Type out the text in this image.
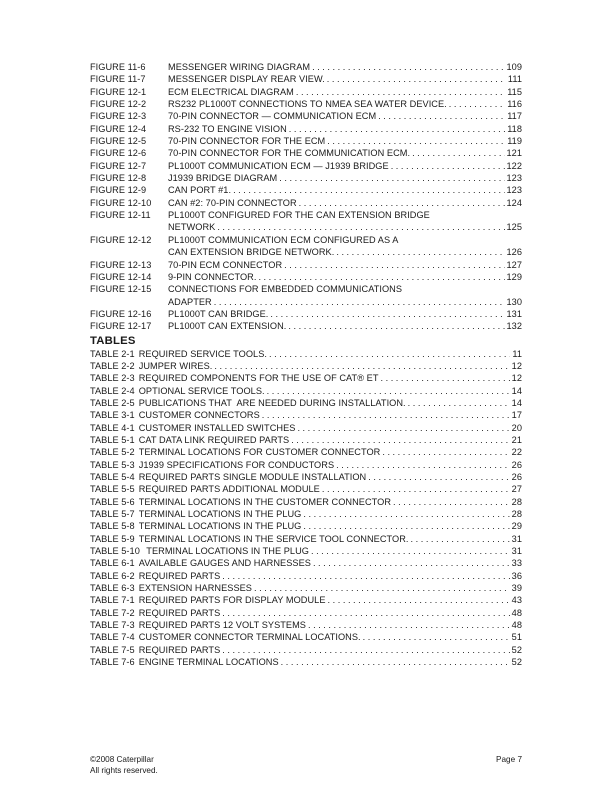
FIGURE 11-6	MESSENGER WIRING DIAGRAM . . .	109
FIGURE 11-7	MESSENGER DISPLAY REAR VIEW. . . .	111
FIGURE 12-1	ECM ELECTRICAL DIAGRAM . . .	115
FIGURE 12-2	RS232 PL1000T CONNECTIONS TO NMEA SEA WATER DEVICE. . . .	116
FIGURE 12-3	70-PIN CONNECTOR — COMMUNICATION ECM . . .	117
FIGURE 12-4	RS-232 TO ENGINE VISION . . .	118
FIGURE 12-5	70-PIN CONNECTOR FOR THE ECM . . .	119
FIGURE 12-6	70-PIN CONNECTOR FOR THE COMMUNICATION ECM. . . .	121
FIGURE 12-7	PL1000T COMMUNICATION ECM — J1939 BRIDGE . . .	122
FIGURE 12-8	J1939 BRIDGE DIAGRAM . . .	123
FIGURE 12-9	CAN PORT #1. . . .	123
FIGURE 12-10	CAN #2: 70-PIN CONNECTOR . . .	124
FIGURE 12-11	PL1000T CONFIGURED FOR THE CAN EXTENSION BRIDGE
NETWORK . . .	125
FIGURE 12-12	PL1000T COMMUNICATION ECM CONFIGURED AS A
CAN EXTENSION BRIDGE NETWORK. . . .	126
FIGURE 12-13	70-PIN ECM CONNECTOR . . .	127
FIGURE 12-14	9-PIN CONNECTOR. . . .	129
FIGURE 12-15	CONNECTIONS FOR EMBEDDED COMMUNICATIONS
ADAPTER . . .	130
FIGURE 12-16	PL1000T CAN BRIDGE. . . .	131
FIGURE 12-17	PL1000T CAN EXTENSION. . . .	132
TABLES
TABLE 2-1 REQUIRED SERVICE TOOLS. . . .	11
TABLE 2-2 JUMPER WIRES. . . .	12
TABLE 2-3 REQUIRED COMPONENTS FOR THE USE OF CAT® ET . . .	12
TABLE 2-4 OPTIONAL SERVICE TOOLS. . . .	14
TABLE 2-5 PUBLICATIONS THAT  ARE NEEDED DURING INSTALLATION. . . .	14
TABLE 3-1 CUSTOMER CONNECTORS . . .	17
TABLE 4-1 CUSTOMER INSTALLED SWITCHES . . .	20
TABLE 5-1 CAT DATA LINK REQUIRED PARTS . . .	21
TABLE 5-2 TERMINAL LOCATIONS FOR CUSTOMER CONNECTOR . . .	22
TABLE 5-3 J1939 SPECIFICATIONS FOR CONDUCTORS . . .	26
TABLE 5-4 REQUIRED PARTS SINGLE MODULE INSTALLATION . . .	26
TABLE 5-5 REQUIRED PARTS ADDITIONAL MODULE . . .	27
TABLE 5-6 TERMINAL LOCATIONS IN THE CUSTOMER CONNECTOR . . .	28
TABLE 5-7 TERMINAL LOCATIONS IN THE PLUG . . .	28
TABLE 5-8 TERMINAL LOCATIONS IN THE PLUG . . .	29
TABLE 5-9 TERMINAL LOCATIONS IN THE SERVICE TOOL CONNECTOR. . . .	31
TABLE 5-10 TERMINAL LOCATIONS IN THE PLUG . . .	31
TABLE 6-1 AVAILABLE GAUGES AND HARNESSES . . .	33
TABLE 6-2 REQUIRED PARTS . . .	36
TABLE 6-3 EXTENSION HARNESSES . . .	39
TABLE 7-1 REQUIRED PARTS FOR DISPLAY MODULE . . .	43
TABLE 7-2 REQUIRED PARTS . . .	48
TABLE 7-3 REQUIRED PARTS 12 VOLT SYSTEMS . . .	48
TABLE 7-4 CUSTOMER CONNECTOR TERMINAL LOCATIONS. . . .	51
TABLE 7-5 REQUIRED PARTS . . .	52
TABLE 7-6 ENGINE TERMINAL LOCATIONS . . .	52
©2008 Caterpillar
All rights reserved.
Page 7
